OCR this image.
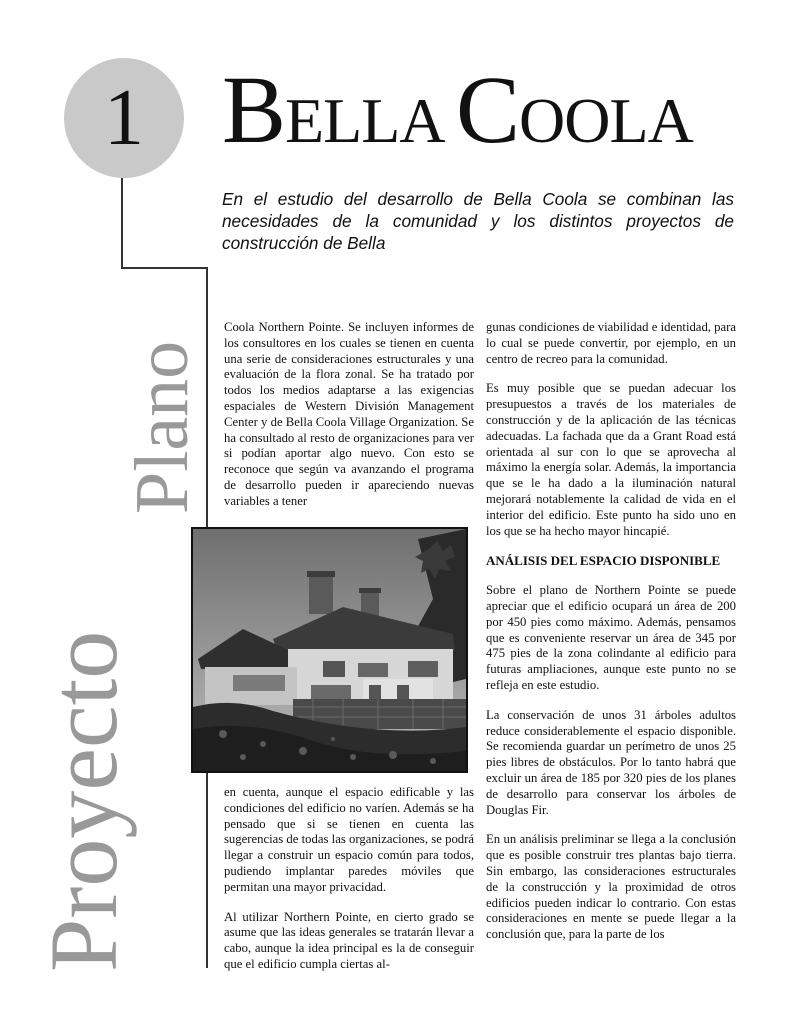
1 BELLA COOLA
En el estudio del desarrollo de Bella Coola se combinan las necesidades de la comunidad y los distintos proyectos de construcción de Bella
Proyecto
Plano

Coola Northern Pointe. Se incluyen informes de los consultores en los cuales se tienen en cuenta una serie de consideraciones estructurales y una evaluación de la flora zonal. Se ha tratado por todos los medios adaptarse a las exigencias espaciales de Western División Management Center y de Bella Coola Village Organization. Se ha consultado al resto de organizaciones para ver si podían aportar algo nuevo. Con esto se reconoce que según va avanzando el programa de desarrollo pueden ir apareciendo nuevas variables a tener

en cuenta, aunque el espacio edificable y las condiciones del edificio no varíen. Además se ha pensado que si se tienen en cuenta las sugerencias de todas las organizaciones, se podrá llegar a construir un espacio común para todos, pudiendo implantar paredes móviles que permitan una mayor privacidad.

Al utilizar Northern Pointe, en cierto grado se asume que las ideas generales se tratarán llevar a cabo, aunque la idea principal es la de conseguir que el edificio cumpla ciertas al-

gunas condiciones de viabilidad e identidad, para lo cual se puede convertir, por ejemplo, en un centro de recreo para la comunidad.

Es muy posible que se puedan adecuar los presupuestos a través de los materiales de construcción y de la aplicación de las técnicas adecuadas. La fachada que da a Grant Road está orientada al sur con lo que se aprovecha al máximo la energía solar. Además, la importancia que se le ha dado a la iluminación natural mejorará notablemente la calidad de vida en el interior del edificio. Este punto ha sido uno en los que se ha hecho mayor hincapié.

ANÁLISIS DEL ESPACIO DISPONIBLE

Sobre el plano de Northern Pointe se puede apreciar que el edificio ocupará un área de 200 por 450 pies como máximo. Además, pensamos que es conveniente reservar un área de 345 por 475 pies de la zona colindante al edificio para futuras ampliaciones, aunque este punto no se refleja en este estudio.

La conservación de unos 31 árboles adultos reduce considerablemente el espacio disponible. Se recomienda guardar un perímetro de unos 25 pies libres de obstáculos. Por lo tanto habrá que excluir un área de 185 por 320 pies de los planes de desarrollo para conservar los árboles de Douglas Fir.

En un análisis preliminar se llega a la conclusión que es posible construir tres plantas bajo tierra. Sin embargo, las consideraciones estructurales de la construcción y la proximidad de otros edificios pueden indicar lo contrario. Con estas consideraciones en mente se puede llegar a la conclusión que, para la parte de los
